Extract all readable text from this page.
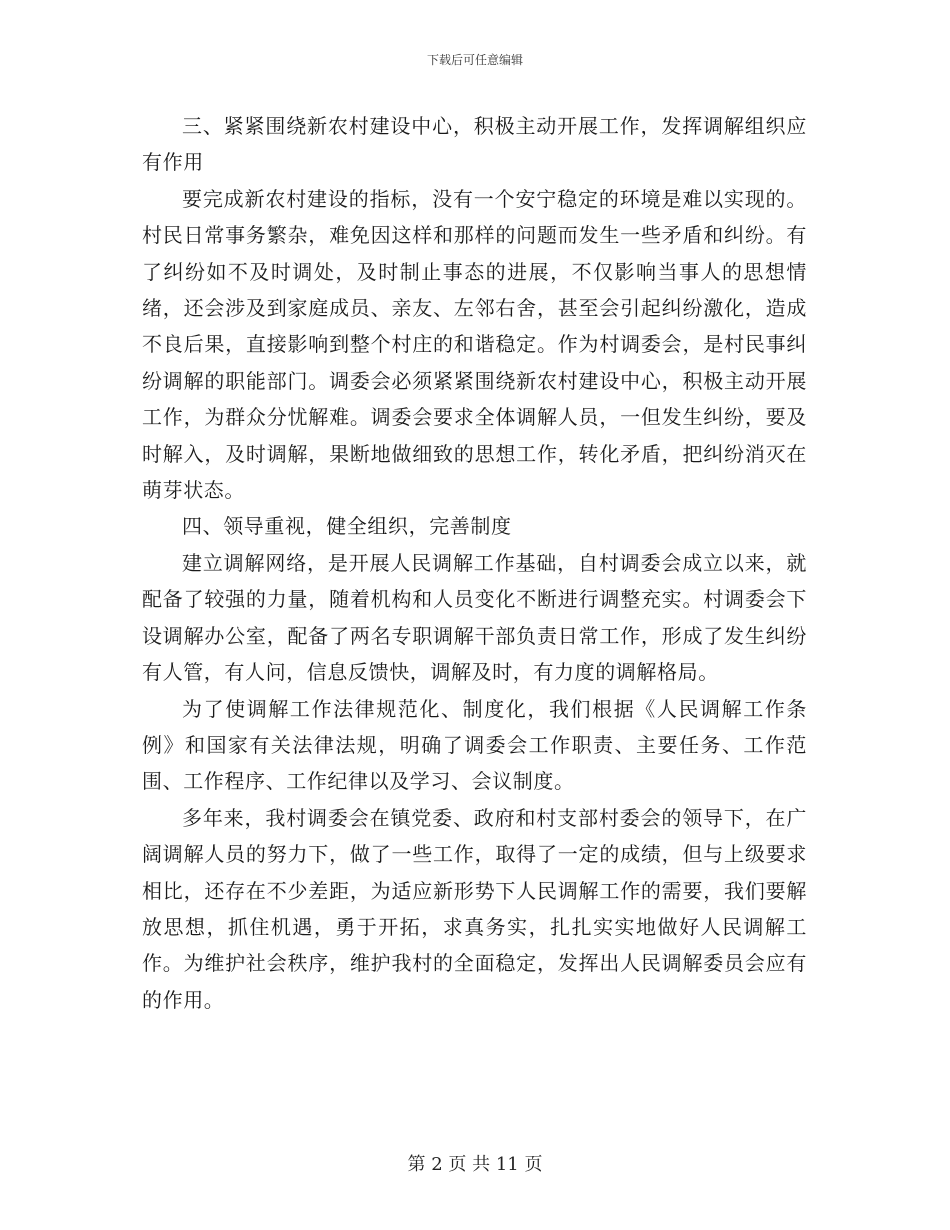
下载后可任意编辑

三、紧紧围绕新农村建设中心，积极主动开展工作，发挥调解组织应有作用

要完成新农村建设的指标，没有一个安宁稳定的环境是难以实现的。村民日常事务繁杂，难免因这样和那样的问题而发生一些矛盾和纠纷。有了纠纷如不及时调处，及时制止事态的进展，不仅影响当事人的思想情绪，还会涉及到家庭成员、亲友、左邻右舍，甚至会引起纠纷激化，造成不良后果，直接影响到整个村庄的和谐稳定。作为村调委会，是村民事纠纷调解的职能部门。调委会必须紧紧围绕新农村建设中心，积极主动开展工作，为群众分忧解难。调委会要求全体调解人员，一但发生纠纷，要及时解入，及时调解，果断地做细致的思想工作，转化矛盾，把纠纷消灭在萌芽状态。

四、领导重视，健全组织，完善制度

建立调解网络，是开展人民调解工作基础，自村调委会成立以来，就配备了较强的力量，随着机构和人员变化不断进行调整充实。村调委会下设调解办公室，配备了两名专职调解干部负责日常工作，形成了发生纠纷有人管，有人问，信息反馈快，调解及时，有力度的调解格局。

为了使调解工作法律规范化、制度化，我们根据《人民调解工作条例》和国家有关法律法规，明确了调委会工作职责、主要任务、工作范围、工作程序、工作纪律以及学习、会议制度。

多年来，我村调委会在镇党委、政府和村支部村委会的领导下，在广阔调解人员的努力下，做了一些工作，取得了一定的成绩，但与上级要求相比，还存在不少差距，为适应新形势下人民调解工作的需要，我们要解放思想，抓住机遇，勇于开拓，求真务实，扎扎实实地做好人民调解工作。为维护社会秩序，维护我村的全面稳定，发挥出人民调解委员会应有的作用。

第 2 页 共 11 页
